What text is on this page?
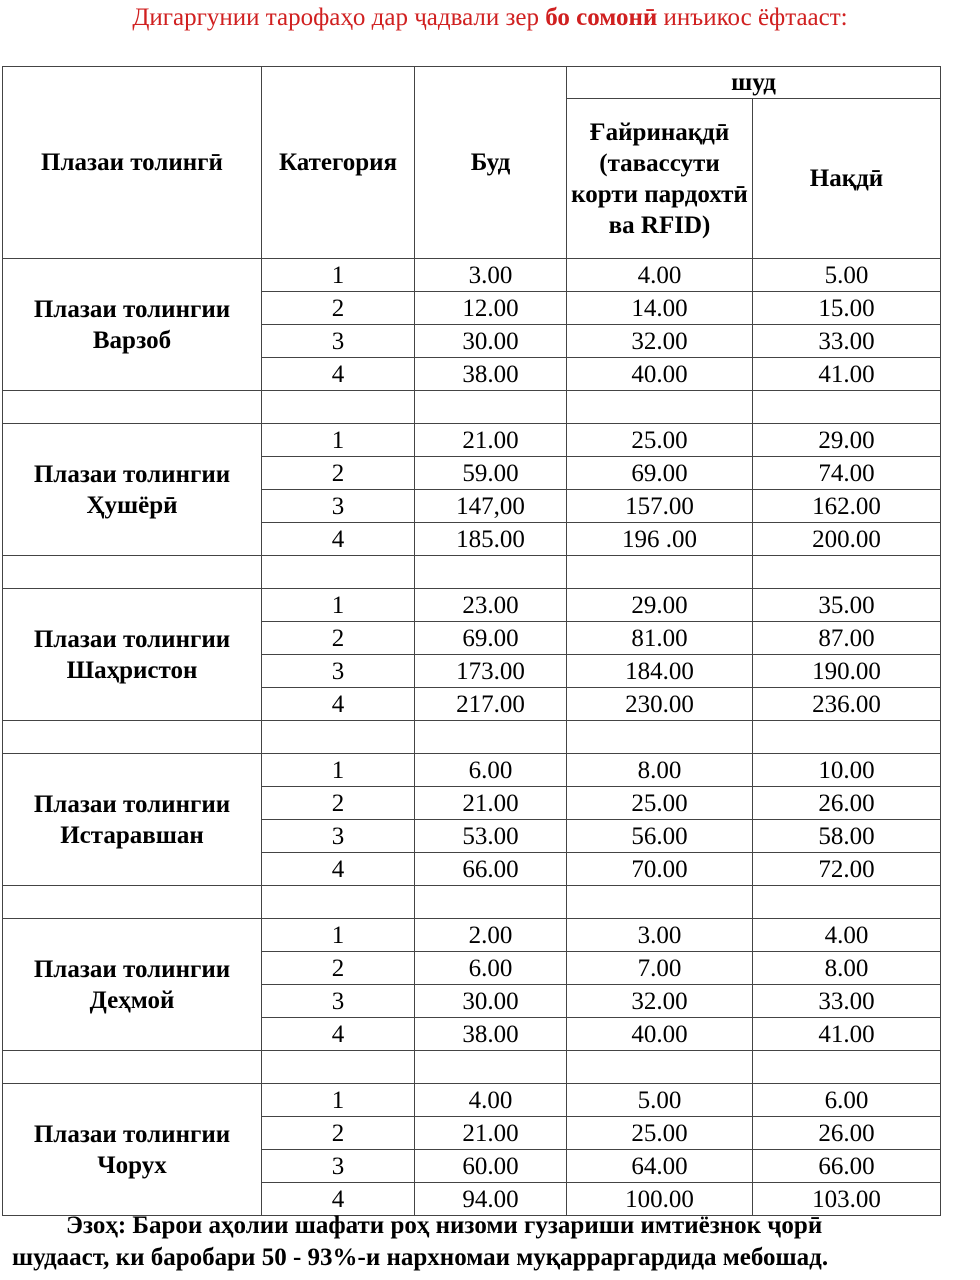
Дигаргунии тарофаҳо дар ҷадвали зер бо сомонӣ инъикос ёфтааст:
Плазаи толингӣ	Категория	Буд	шуд	
			Ғайринақдӣ (тавассути корти пардохтӣ ва RFID)	Нақдӣ

Плазаи толингии
Варзоб	1	3.00	4.00	5.00
	2	12.00	14.00	15.00
	3	30.00	32.00	33.00
	4	38.00	40.00	41.00

Плазаи толингии
Ҳушёрӣ	1	21.00	25.00	29.00
	2	59.00	69.00	74.00
	3	147,00	157.00	162.00
	4	185.00	196 .00	200.00

Плазаи толингии
Шаҳристон	1	23.00	29.00	35.00
	2	69.00	81.00	87.00
	3	173.00	184.00	190.00
	4	217.00	230.00	236.00

Плазаи толингии
Истаравшан	1	6.00	8.00	10.00
	2	21.00	25.00	26.00
	3	53.00	56.00	58.00
	4	66.00	70.00	72.00

Плазаи толингии
Деҳмой	1	2.00	3.00	4.00
	2	6.00	7.00	8.00
	3	30.00	32.00	33.00
	4	38.00	40.00	41.00

Плазаи толингии
Чорух	1	4.00	5.00	6.00
	2	21.00	25.00	26.00
	3	60.00	64.00	66.00
	4	94.00	100.00	103.00
Эзоҳ: Барои аҳолии шафати роҳ низоми гузариши имтиёзнок ҷорӣ
шудааст, ки баробари 50 - 93%-и нархномаи муқарраргардида мебошад.
